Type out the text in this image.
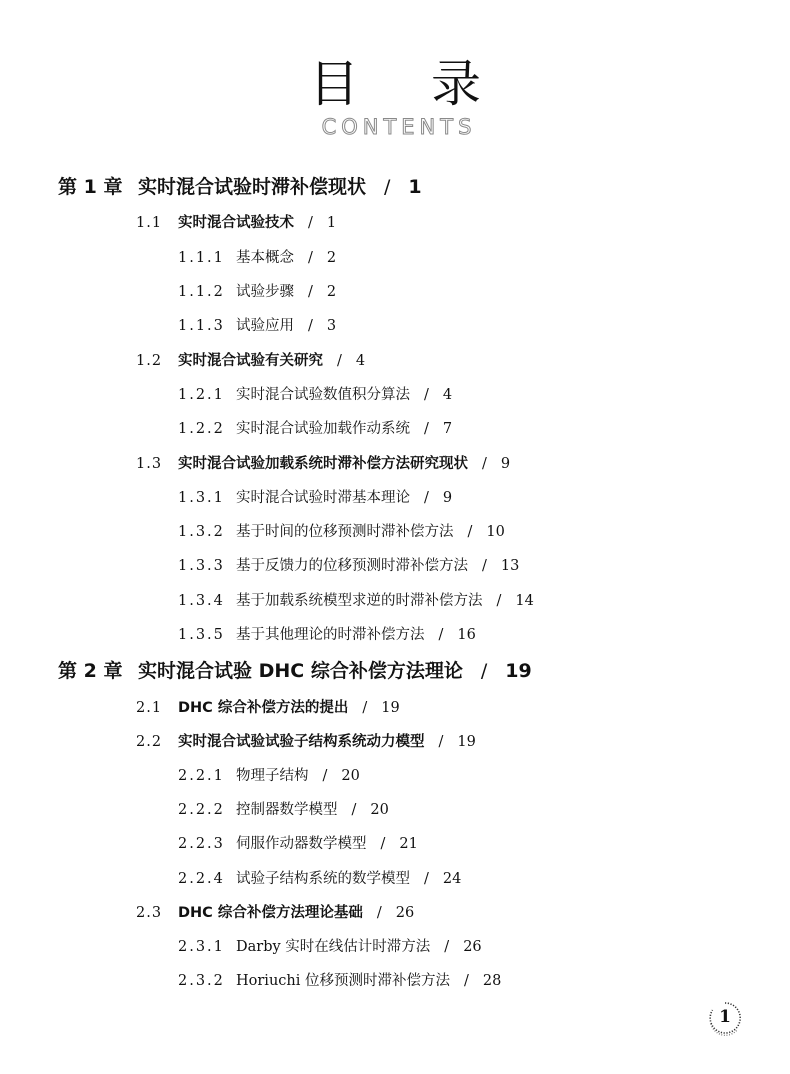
目录
CONTENTS
第 1 章 实时混合试验时滞补偿现状 / 1
1.1	实时混合试验技术 / 1
1.1.1 基本概念 / 2
1.1.2 试验步骤 / 2
1.1.3 试验应用 / 3
1.2	实时混合试验有关研究 / 4
1.2.1 实时混合试验数值积分算法 / 4
1.2.2 实时混合试验加载作动系统 / 7
1.3	实时混合试验加载系统时滞补偿方法研究现状 / 9
1.3.1 实时混合试验时滞基本理论 / 9
1.3.2 基于时间的位移预测时滞补偿方法 / 10
1.3.3 基于反馈力的位移预测时滞补偿方法 / 13
1.3.4 基于加载系统模型求逆的时滞补偿方法 / 14
1.3.5 基于其他理论的时滞补偿方法 / 16
第 2 章 实时混合试验 DHC 综合补偿方法理论 / 19
2.1	DHC 综合补偿方法的提出 / 19
2.2	实时混合试验试验子结构系统动力模型 / 19
2.2.1 物理子结构 / 20
2.2.2 控制器数学模型 / 20
2.2.3 伺服作动器数学模型 / 21
2.2.4 试验子结构系统的数学模型 / 24
2.3	DHC 综合补偿方法理论基础 / 26
2.3.1 Darby 实时在线估计时滞方法 / 26
2.3.2 Horiuchi 位移预测时滞补偿方法 / 28
1
